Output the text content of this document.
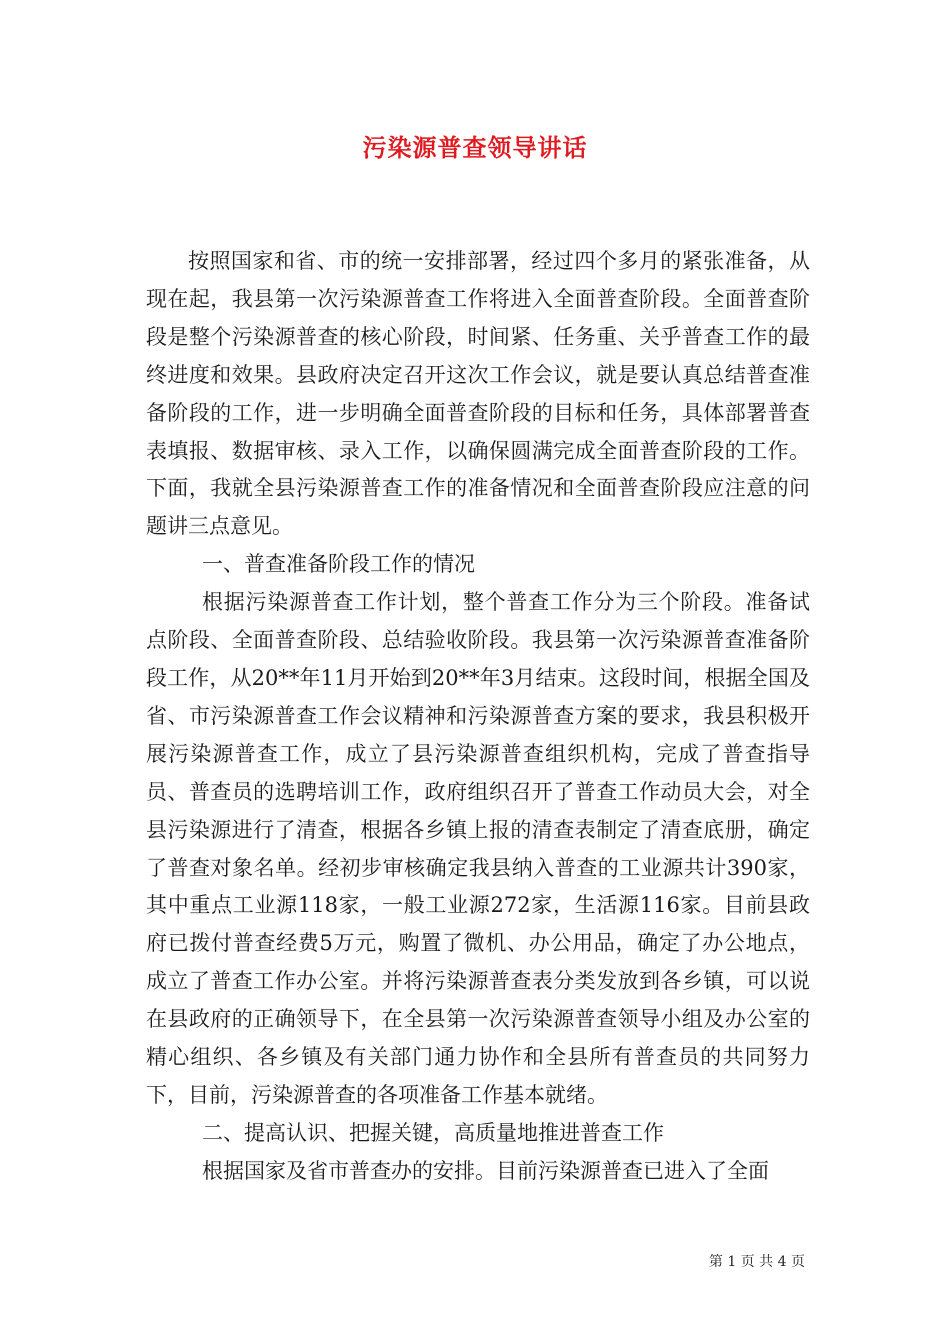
污染源普查领导讲话

按照国家和省、市的统一安排部署，经过四个多月的紧张准备，从现在起，我县第一次污染源普查工作将进入全面普查阶段。全面普查阶段是整个污染源普查的核心阶段，时间紧、任务重、关乎普查工作的最终进度和效果。县政府决定召开这次工作会议，就是要认真总结普查准备阶段的工作，进一步明确全面普查阶段的目标和任务，具体部署普查表填报、数据审核、录入工作，以确保圆满完成全面普查阶段的工作。下面，我就全县污染源普查工作的准备情况和全面普查阶段应注意的问题讲三点意见。

一、普查准备阶段工作的情况

根据污染源普查工作计划，整个普查工作分为三个阶段。准备试点阶段、全面普查阶段、总结验收阶段。我县第一次污染源普查准备阶段工作，从20**年11月开始到20**年3月结束。这段时间，根据全国及省、市污染源普查工作会议精神和污染源普查方案的要求，我县积极开展污染源普查工作，成立了县污染源普查组织机构，完成了普查指导员、普查员的选聘培训工作，政府组织召开了普查工作动员大会，对全县污染源进行了清查，根据各乡镇上报的清查表制定了清查底册，确定了普查对象名单。经初步审核确定我县纳入普查的工业源共计390家，其中重点工业源118家，一般工业源272家，生活源116家。目前县政府已拨付普查经费5万元，购置了微机、办公用品，确定了办公地点，成立了普查工作办公室。并将污染源普查表分类发放到各乡镇，可以说在县政府的正确领导下，在全县第一次污染源普查领导小组及办公室的精心组织、各乡镇及有关部门通力协作和全县所有普查员的共同努力下，目前，污染源普查的各项准备工作基本就绪。

二、提高认识、把握关键，高质量地推进普查工作

根据国家及省市普查办的安排。目前污染源普查已进入了全面

第 1 页 共 4 页
